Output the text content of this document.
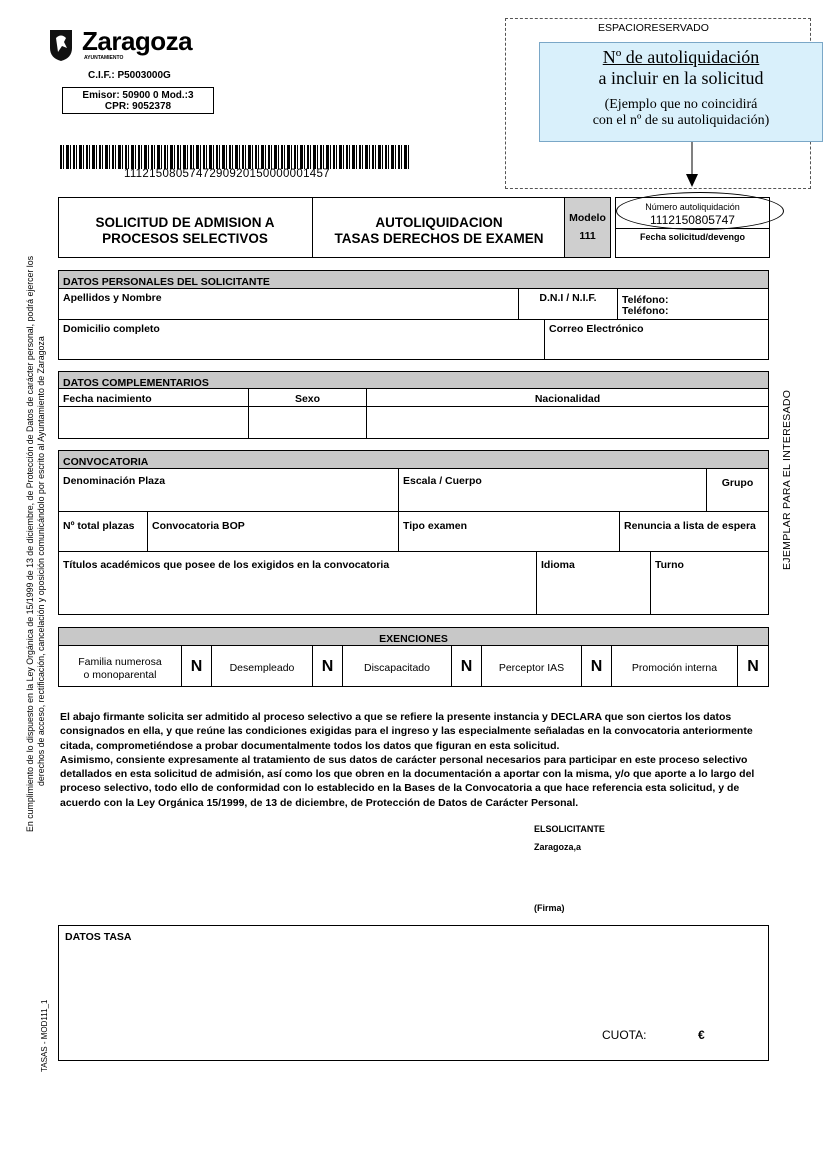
Zaragoza
AYUNTAMIENTO
C.I.F.: P5003000G
Emisor: 50900 0 Mod.:3
CPR: 9052378
1112150805747290920150000001457
ESPACIORESERVADO
Nº de autoliquidación
a incluir en la solicitud
(Ejemplo que no coincidirá
con el nº de su autoliquidación)
SOLICITUD DE ADMISION A
PROCESOS SELECTIVOS
AUTOLIQUIDACION
TASAS DERECHOS DE EXAMEN
Modelo
111
Número autoliquidación
1112150805747
Fecha solicitud/devengo
DATOS PERSONALES DEL SOLICITANTE
Apellidos y Nombre	D.N.I / N.I.F.	Teléfono:
Teléfono:
Domicilio completo	Correo Electrónico
DATOS COMPLEMENTARIOS
Fecha nacimiento	Sexo	Nacionalidad
CONVOCATORIA
Denominación Plaza	Escala / Cuerpo	Grupo
Nº total plazas	Convocatoria BOP	Tipo examen	Renuncia a lista de espera
Títulos académicos que posee de los exigidos en la convocatoria	Idioma	Turno
EXENCIONES
Familia numerosa
o monoparental	N	Desempleado	N	Discapacitado	N	Perceptor IAS	N	Promoción interna	N
El abajo firmante solicita ser admitido al proceso selectivo a que se refiere la presente instancia y DECLARA que son ciertos los datos consignados en ella, y que reúne las condiciones exigidas para el ingreso y las especialmente señaladas en la convocatoria anteriormente citada, comprometiéndose a probar documentalmente todos los datos que figuran en esta solicitud.
Asimismo, consiente expresamente al tratamiento de sus datos de carácter personal necesarios para participar en este proceso selectivo detallados en esta solicitud de admisión, así como los que obren en la documentación a aportar con la misma, y/o que aporte a lo largo del proceso selectivo, todo ello de conformidad con lo establecido en la Bases de la Convocatoria a que hace referencia esta solicitud, y de acuerdo con la Ley Orgánica 15/1999, de 13 de diciembre, de Protección de Datos de Carácter Personal.
ELSOLICITANTE
Zaragoza,a
(Firma)
DATOS TASA
CUOTA:	€
En cumplimiento de lo dispuesto en la Ley Orgánica de 15/1999 de 13 de diciembre, de Protección de Datos de carácter personal, podrá ejercer los derechos de acceso, rectificación, cancelación y oposición comunicándolo por escrito al Ayuntamiento de Zaragoza
TASAS - MOD111_1
EJEMPLAR PARA EL INTERESADO
